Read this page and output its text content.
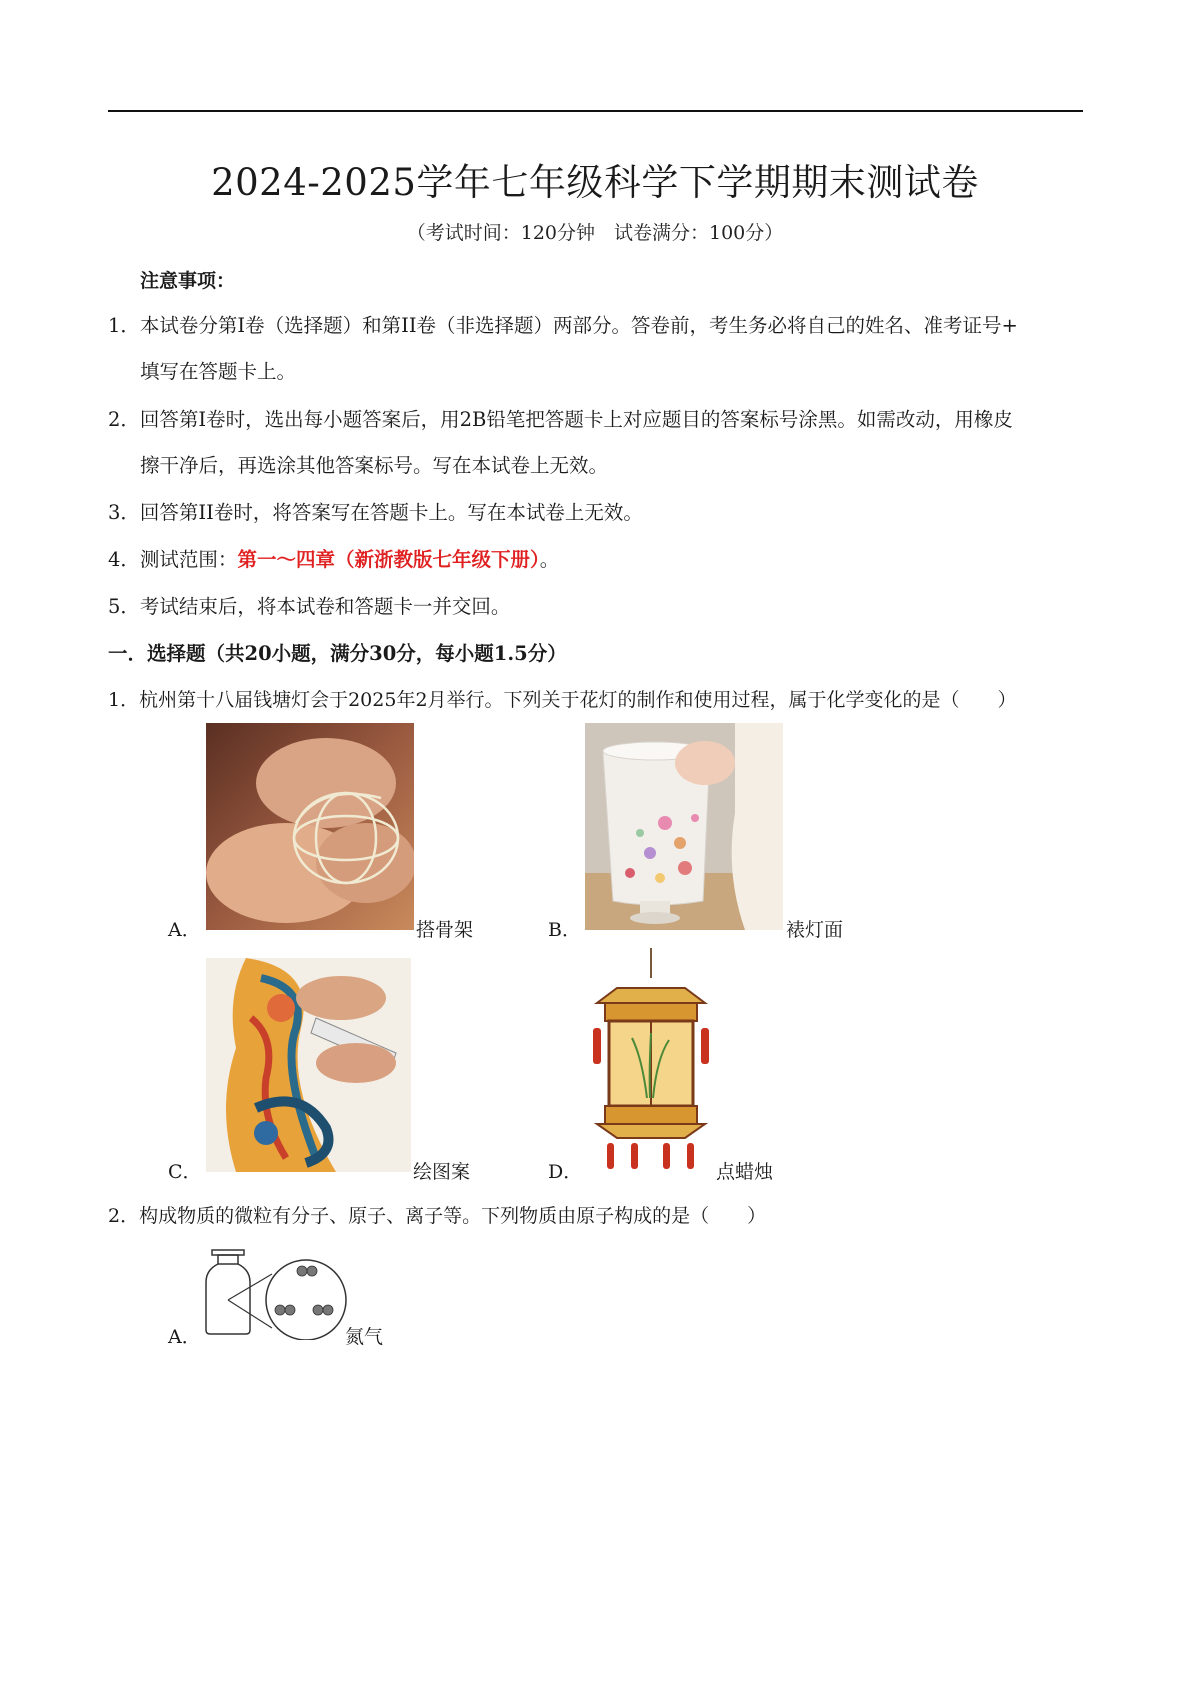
2024-2025学年七年级科学下学期期末测试卷
（考试时间：120分钟　试卷满分：100分）
注意事项：
1．本试卷分第I卷（选择题）和第II卷（非选择题）两部分。答卷前，考生务必将自己的姓名、准考证号+
填写在答题卡上。
2．回答第I卷时，选出每小题答案后，用2B铅笔把答题卡上对应题目的答案标号涂黑。如需改动，用橡皮
擦干净后，再选涂其他答案标号。写在本试卷上无效。
3．回答第II卷时，将答案写在答题卡上。写在本试卷上无效。
4．测试范围：第一～四章（新浙教版七年级下册）。
5．考试结束后，将本试卷和答题卡一并交回。
一．选择题（共20小题，满分30分，每小题1.5分）
1．杭州第十八届钱塘灯会于2025年2月举行。下列关于花灯的制作和使用过程，属于化学变化的是（　　）
A．	搭骨架	B．	裱灯面
C．	绘图案	D．	点蜡烛
2．构成物质的微粒有分子、原子、离子等。下列物质由原子构成的是（　　）
A．	氮气
